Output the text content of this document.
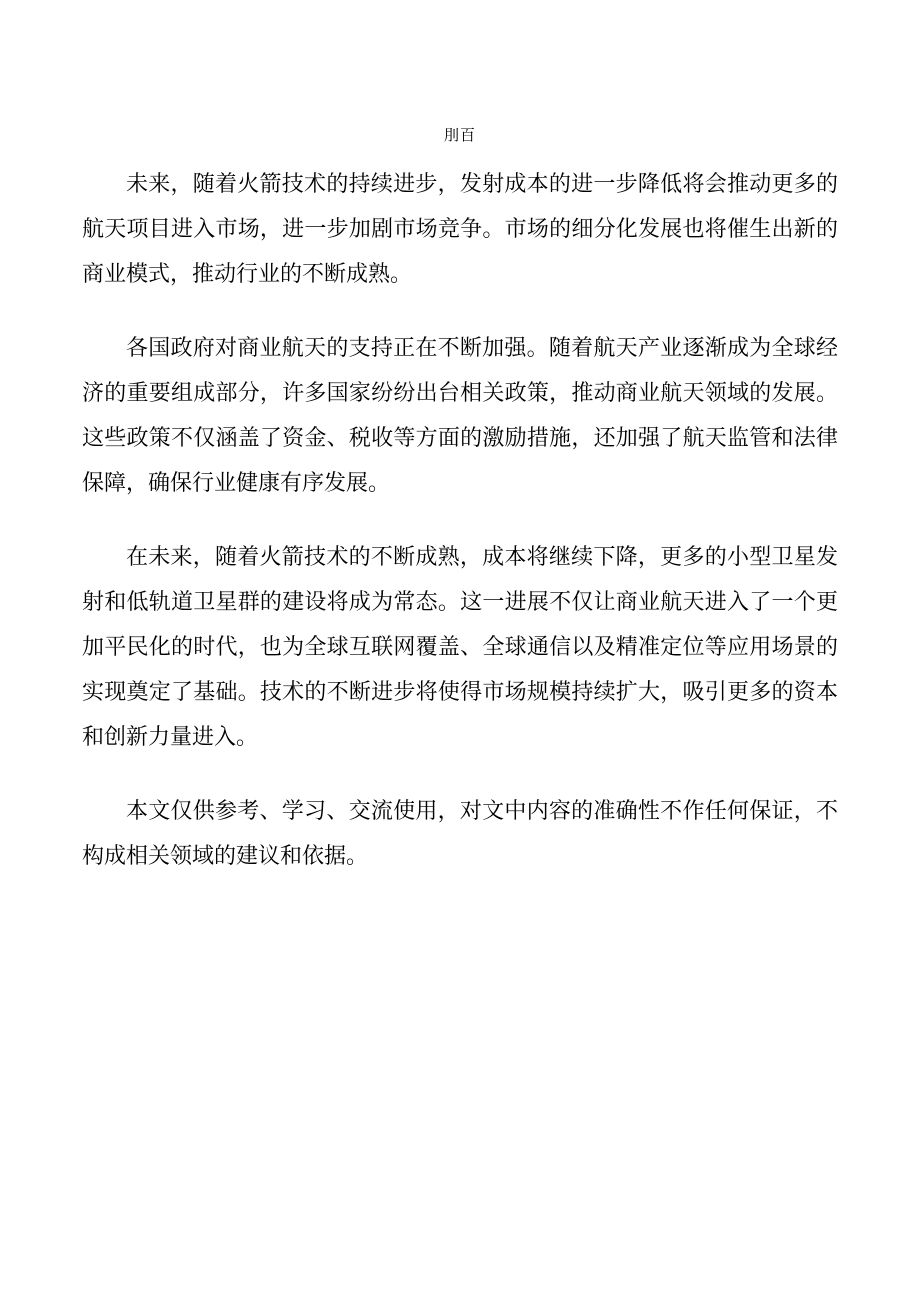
刖百

未来，随着火箭技术的持续进步，发射成本的进一步降低将会推动更多的航天项目进入市场，进一步加剧市场竞争。市场的细分化发展也将催生出新的商业模式，推动行业的不断成熟。

各国政府对商业航天的支持正在不断加强。随着航天产业逐渐成为全球经济的重要组成部分，许多国家纷纷出台相关政策，推动商业航天领域的发展。这些政策不仅涵盖了资金、税收等方面的激励措施，还加强了航天监管和法律保障，确保行业健康有序发展。

在未来，随着火箭技术的不断成熟，成本将继续下降，更多的小型卫星发射和低轨道卫星群的建设将成为常态。这一进展不仅让商业航天进入了一个更加平民化的时代，也为全球互联网覆盖、全球通信以及精准定位等应用场景的实现奠定了基础。技术的不断进步将使得市场规模持续扩大，吸引更多的资本和创新力量进入。

本文仅供参考、学习、交流使用，对文中内容的准确性不作任何保证，不构成相关领域的建议和依据。
